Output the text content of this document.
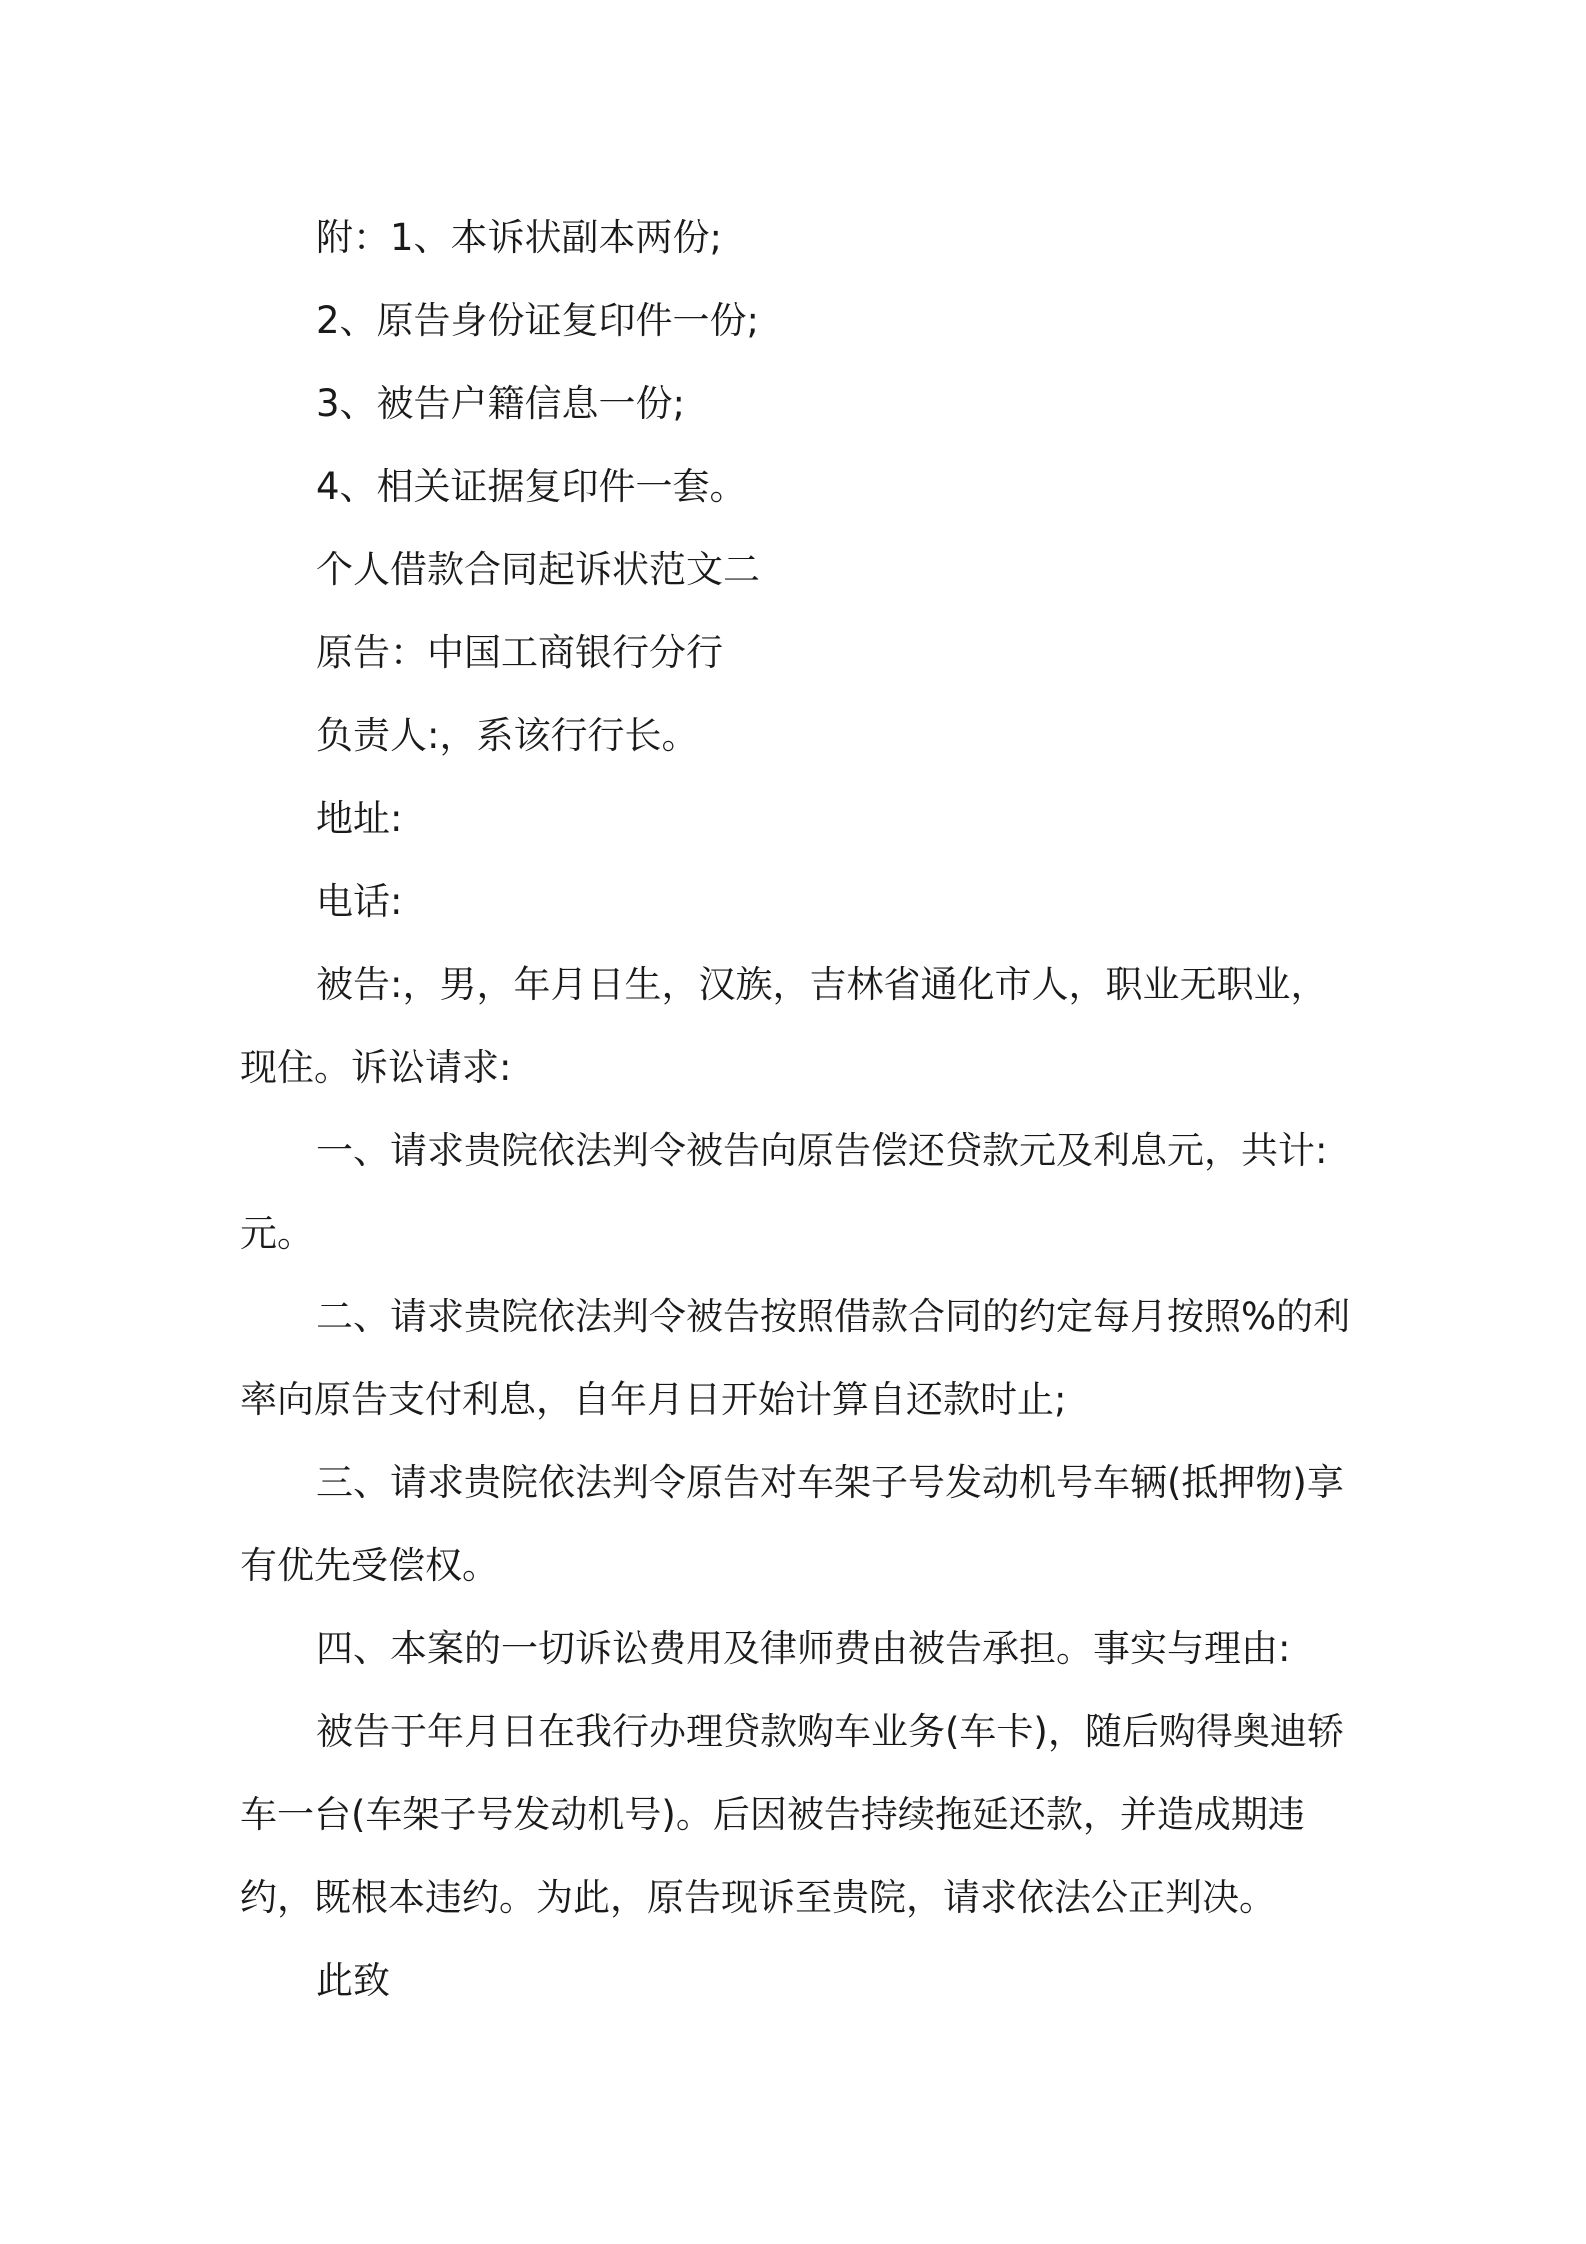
附：1、本诉状副本两份;

2、原告身份证复印件一份;

3、被告户籍信息一份;

4、相关证据复印件一套。

个人借款合同起诉状范文二

原告：中国工商银行分行

负责人:，系该行行长。

地址:

电话:

被告:，男，年月日生，汉族，吉林省通化市人，职业无职业，现住。诉讼请求:

一、请求贵院依法判令被告向原告偿还贷款元及利息元，共计:元。

二、请求贵院依法判令被告按照借款合同的约定每月按照%的利率向原告支付利息，自年月日开始计算自还款时止;

三、请求贵院依法判令原告对车架子号发动机号车辆(抵押物)享有优先受偿权。

四、本案的一切诉讼费用及律师费由被告承担。事实与理由:

被告于年月日在我行办理贷款购车业务(车卡)，随后购得奥迪轿车一台(车架子号发动机号)。后因被告持续拖延还款，并造成期违约，既根本违约。为此，原告现诉至贵院，请求依法公正判决。

此致
